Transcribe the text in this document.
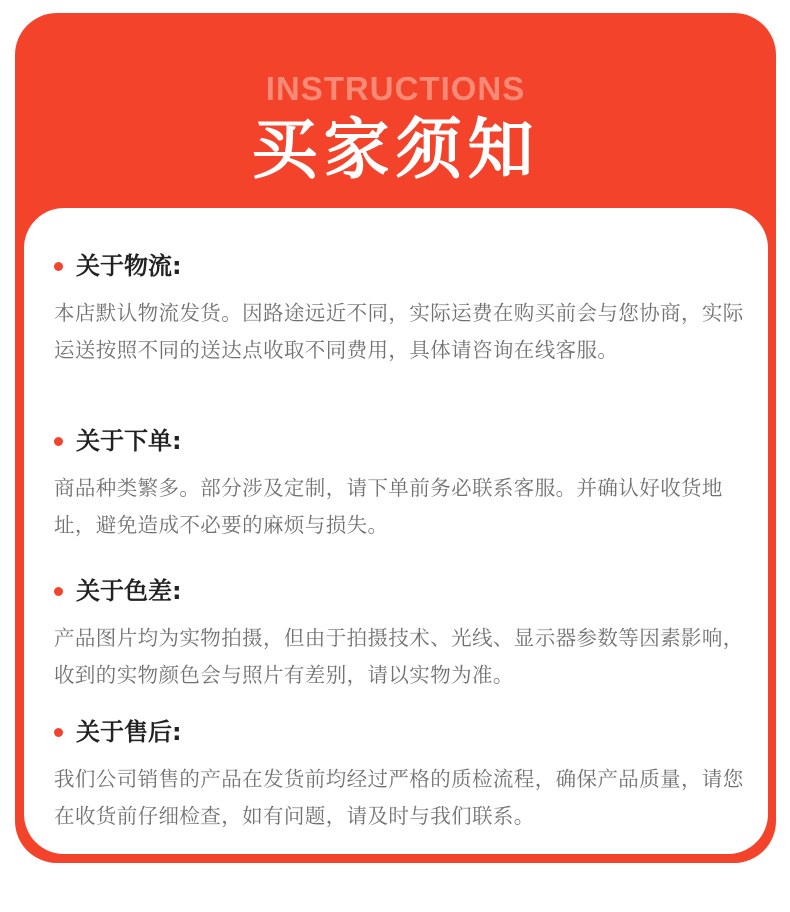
INSTRUCTIONS
买家须知
关于物流:
本店默认物流发货。因路途远近不同，实际运费在购买前会与您协商，实际运送按照不同的送达点收取不同费用，具体请咨询在线客服。
关于下单:
商品种类繁多。部分涉及定制，请下单前务必联系客服。并确认好收货地址，避免造成不必要的麻烦与损失。
关于色差:
产品图片均为实物拍摄，但由于拍摄技术、光线、显示器参数等因素影响，收到的实物颜色会与照片有差别，请以实物为准。
关于售后:
我们公司销售的产品在发货前均经过严格的质检流程，确保产品质量，请您在收货前仔细检查，如有问题，请及时与我们联系。
